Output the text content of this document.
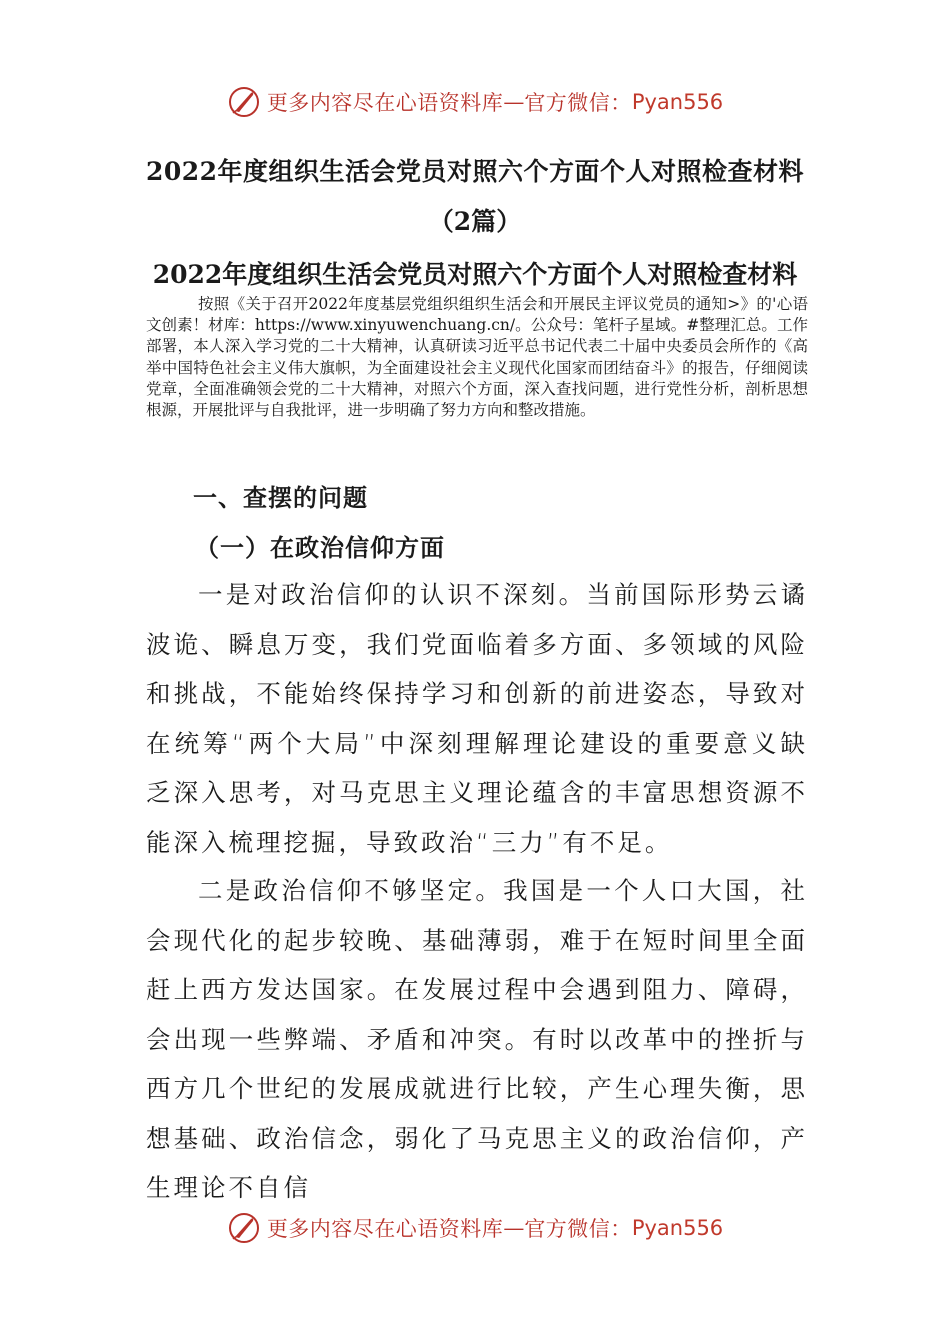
更多内容尽在心语资料库 — 官方微信： Pyan556
2022年度组织生活会党员对照六个方面个人对照检查材料
（2篇）
2022年度组织生活会党员对照六个方面个人对照检查材料
按照《关于召开2022年度基层党组织组织生活会和开展民主评议党员的通知>》的'心语文创素！材库：https://www.xinyuwenchuang.cn/。公众号：笔杆子星域。#整理汇总。工作部署，本人深入学习党的二十大精神，认真研读习近平总书记代表二十届中央委员会所作的《高举中国特色社会主义伟大旗帜，为全面建设社会主义现代化国家而团结奋斗》的报告，仔细阅读党章，全面准确领会党的二十大精神，对照六个方面，深入查找问题，进行党性分析，剖析思想根源，开展批评与自我批评，进一步明确了努力方向和整改措施。
一、查摆的问题
（一）在政治信仰方面
一是对政治信仰的认识不深刻。当前国际形势云谲波诡、瞬息万变，我们党面临着多方面、多领域的风险和挑战，不能始终保持学习和创新的前进姿态，导致对在统筹“两个大局”中深刻理解理论建设的重要意义缺乏深入思考，对马克思主义理论蕴含的丰富思想资源不能深入梳理挖掘，导致政治“三力”有不足。
二是政治信仰不够坚定。我国是一个人口大国，社会现代化的起步较晚、基础薄弱，难于在短时间里全面赶上西方发达国家。在发展过程中会遇到阻力、障碍，会出现一些弊端、矛盾和冲突。有时以改革中的挫折与西方几个世纪的发展成就进行比较，产生心理失衡，思想基础、政治信念，弱化了马克思主义的政治信仰，产生理论不自信
更多内容尽在心语资料库 — 官方微信： Pyan556
